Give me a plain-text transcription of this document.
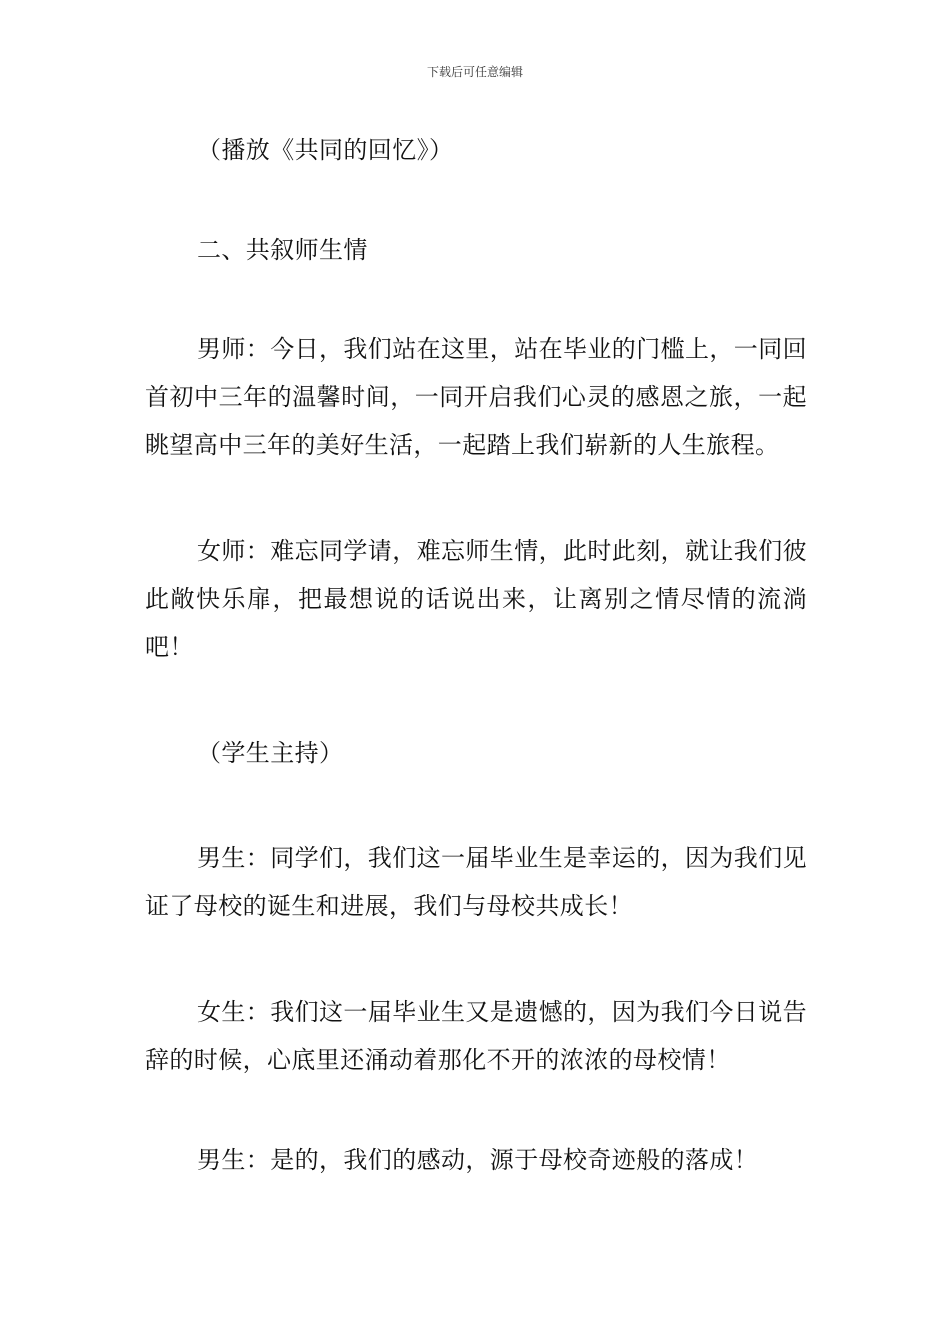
下载后可任意编辑

（播放《共同的回忆》）

二、共叙师生情

男师：今日，我们站在这里，站在毕业的门槛上，一同回首初中三年的温馨时间，一同开启我们心灵的感恩之旅，一起眺望高中三年的美好生活，一起踏上我们崭新的人生旅程。

女师：难忘同学请，难忘师生情，此时此刻，就让我们彼此敞快乐扉，把最想说的话说出来，让离别之情尽情的流淌吧！

（学生主持）

男生：同学们，我们这一届毕业生是幸运的，因为我们见证了母校的诞生和进展，我们与母校共成长！

女生：我们这一届毕业生又是遗憾的，因为我们今日说告辞的时候，心底里还涌动着那化不开的浓浓的母校情！

男生：是的，我们的感动，源于母校奇迹般的落成！
